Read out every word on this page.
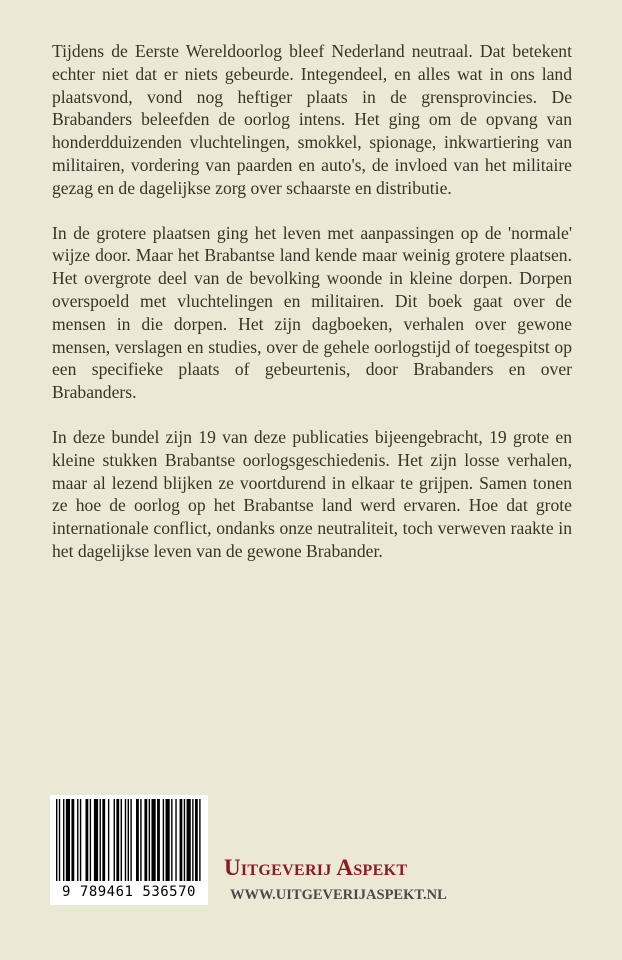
Tijdens de Eerste Wereldoorlog bleef Nederland neutraal. Dat betekent echter niet dat er niets gebeurde. Integendeel, en alles wat in ons land plaatsvond, vond nog heftiger plaats in de grensprovincies. De Brabanders beleefden de oorlog intens. Het ging om de opvang van honderdduizenden vluchtelingen, smokkel, spionage, inkwartiering van militairen, vordering van paarden en auto's, de invloed van het militaire gezag en de dagelijkse zorg over schaarste en distributie.

In de grotere plaatsen ging het leven met aanpassingen op de 'normale' wijze door. Maar het Brabantse land kende maar weinig grotere plaatsen. Het overgrote deel van de bevolking woonde in kleine dorpen. Dorpen overspoeld met vluchtelingen en militairen. Dit boek gaat over de mensen in die dorpen. Het zijn dagboeken, verhalen over gewone mensen, verslagen en studies, over de gehele oorlogstijd of toegespitst op een specifieke plaats of gebeurtenis, door Brabanders en over Brabanders.

In deze bundel zijn 19 van deze publicaties bijeengebracht, 19 grote en kleine stukken Brabantse oorlogsgeschiedenis. Het zijn losse verhalen, maar al lezend blijken ze voortdurend in elkaar te grijpen. Samen tonen ze hoe de oorlog op het Brabantse land werd ervaren. Hoe dat grote internationale conflict, ondanks onze neutraliteit, toch verweven raakte in het dagelijkse leven van de gewone Brabander.

9 789461 536570
Uitgeverij Aspekt
WWW.UITGEVERIJASPEKT.NL
